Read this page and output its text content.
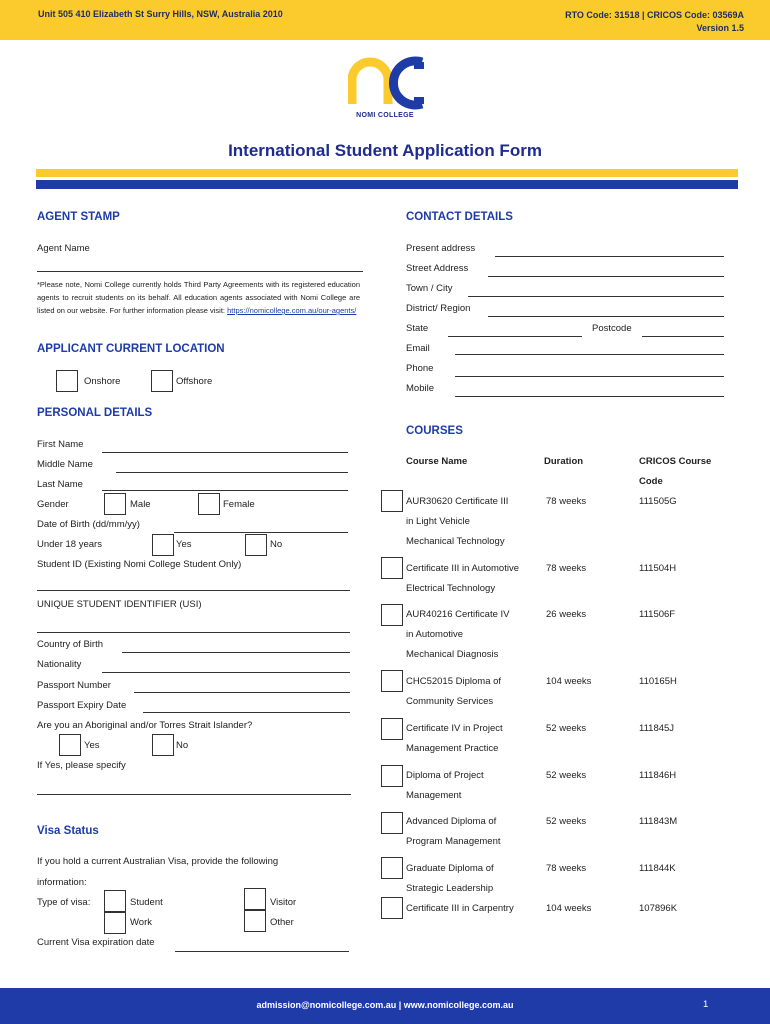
Unit 505 410 Elizabeth St Surry Hills, NSW, Australia 2010	RTO Code: 31518 | CRICOS Code: 03569A
Version 1.5
NOMI COLLEGE
International Student Application Form
AGENT STAMP
Agent Name
*Please note, Nomi College currently holds Third Party Agreements with its registered education agents to recruit students on its behalf. All education agents associated with Nomi College are listed on our website. For further information please visit: https://nomicollege.com.au/our-agents/
APPLICANT CURRENT LOCATION
Onshore	Offshore
PERSONAL DETAILS
First Name
Middle Name
Last Name
Gender	Male	Female
Date of Birth (dd/mm/yy)
Under 18 years	Yes	No
Student ID (Existing Nomi College Student Only)
UNIQUE STUDENT IDENTIFIER (USI)
Country of Birth
Nationality
Passport Number
Passport Expiry Date
Are you an Aboriginal and/or Torres Strait Islander?
Yes	No
If Yes, please specify
Visa Status
If you hold a current Australian Visa, provide the following
information:
Type of visa:	Student	Visitor
Work	Other
Current Visa expiration date
CONTACT DETAILS
Present address
Street Address
Town / City
District/ Region
State	Postcode
Email
Phone
Mobile
COURSES
Course Name	Duration	CRICOS Course
Code
AUR30620 Certificate III
in Light Vehicle
Mechanical Technology
78 weeks	111505G
Certificate III in Automotive
Electrical Technology
78 weeks	111504H
AUR40216 Certificate IV
in Automotive
Mechanical Diagnosis
26 weeks	111506F
CHC52015 Diploma of
Community Services
104 weeks	110165H
Certificate IV in Project
Management Practice
52 weeks	111845J
Diploma of Project
Management
52 weeks	111846H
Advanced Diploma of
Program Management
52 weeks	111843M
Graduate Diploma of
Strategic Leadership
78 weeks	111844K
Certificate III in Carpentry	104 weeks	107896K
admission@nomicollege.com.au | www.nomicollege.com.au	1
